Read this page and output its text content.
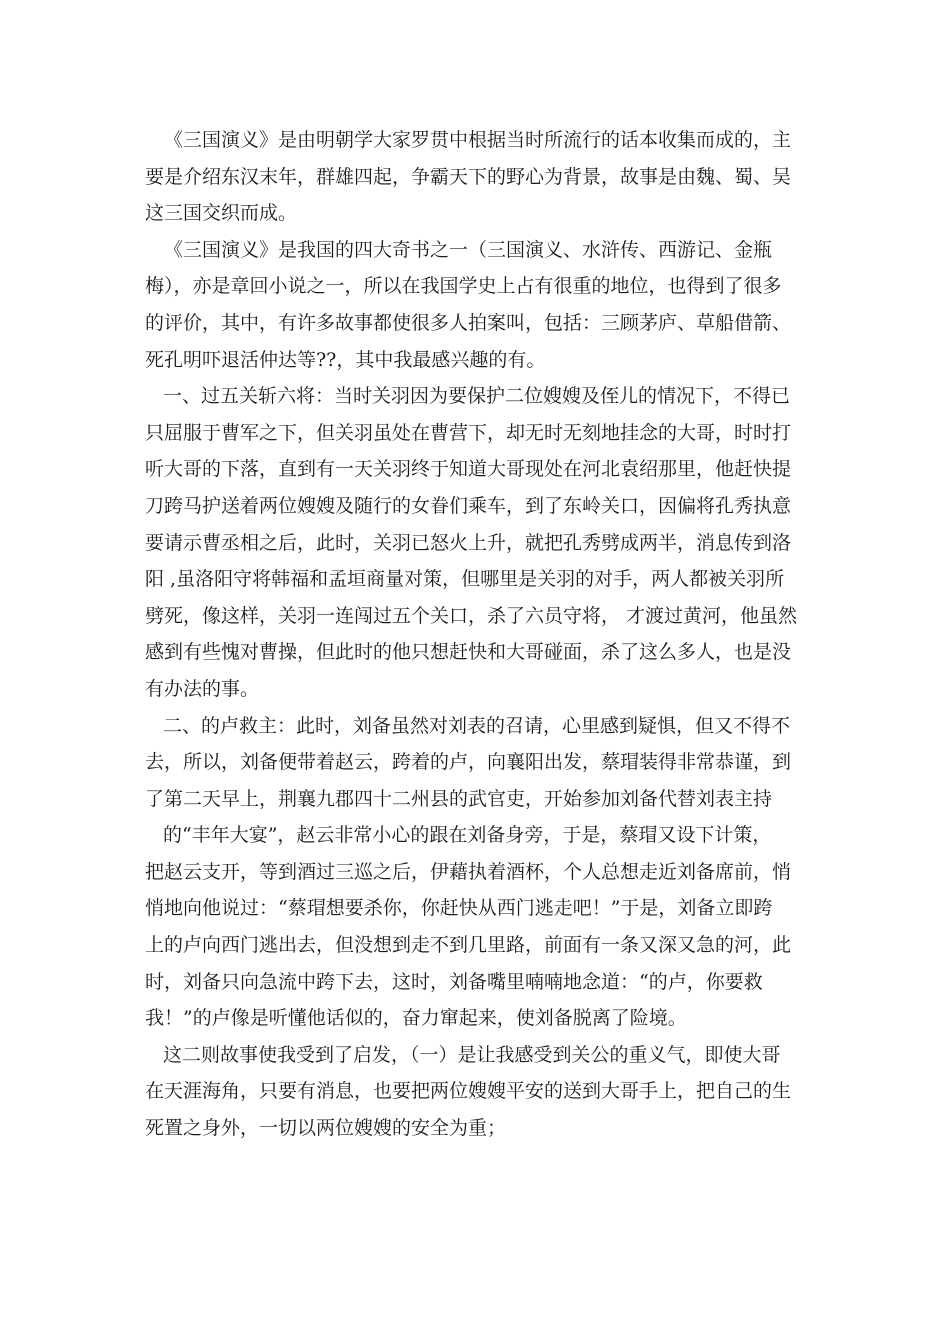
《三国演义》是由明朝学大家罗贯中根据当时所流行的话本收集而成的，主
要是介绍东汉末年，群雄四起，争霸天下的野心为背景，故事是由魏、蜀、吴
这三国交织而成。
《三国演义》是我国的四大奇书之一（三国演义、水浒传、西游记、金瓶
梅），亦是章回小说之一，所以在我国学史上占有很重的地位，也得到了很多
的评价，其中，有许多故事都使很多人拍案叫，包括：三顾茅庐、草船借箭、
死孔明吓退活仲达等??，其中我最感兴趣的有。
一、过五关斩六将：当时关羽因为要保护二位嫂嫂及侄儿的情况下，不得已
只屈服于曹军之下，但关羽虽处在曹营下，却无时无刻地挂念的大哥，时时打
听大哥的下落，直到有一天关羽终于知道大哥现处在河北袁绍那里，他赶快提
刀跨马护送着两位嫂嫂及随行的女眷们乘车，到了东岭关口，因偏将孔秀执意
要请示曹丞相之后，此时，关羽已怒火上升，就把孔秀劈成两半，消息传到洛
阳 ,虽洛阳守将韩福和孟垣商量对策，但哪里是关羽的对手，两人都被关羽所
劈死，像这样，关羽一连闯过五个关口，杀了六员守将， 才渡过黄河，他虽然
感到有些愧对曹操，但此时的他只想赶快和大哥碰面，杀了这么多人，也是没
有办法的事。
二、的卢救主：此时，刘备虽然对刘表的召请，心里感到疑惧，但又不得不
去，所以，刘备便带着赵云，跨着的卢，向襄阳出发，蔡瑁装得非常恭谨，到
了第二天早上，荆襄九郡四十二州县的武官吏，开始参加刘备代替刘表主持
的“丰年大宴”，赵云非常小心的跟在刘备身旁，于是，蔡瑁又设下计策，
把赵云支开，等到酒过三巡之后，伊藉执着酒杯，个人总想走近刘备席前，悄
悄地向他说过：“蔡瑁想要杀你，你赶快从西门逃走吧！”于是，刘备立即跨
上的卢向西门逃出去，但没想到走不到几里路，前面有一条又深又急的河，此
时，刘备只向急流中跨下去，这时，刘备嘴里喃喃地念道：“的卢，你要救
我！”的卢像是听懂他话似的，奋力窜起来，使刘备脱离了险境。
这二则故事使我受到了启发，（一）是让我感受到关公的重义气，即使大哥
在天涯海角，只要有消息，也要把两位嫂嫂平安的送到大哥手上，把自己的生
死置之身外，一切以两位嫂嫂的安全为重；
